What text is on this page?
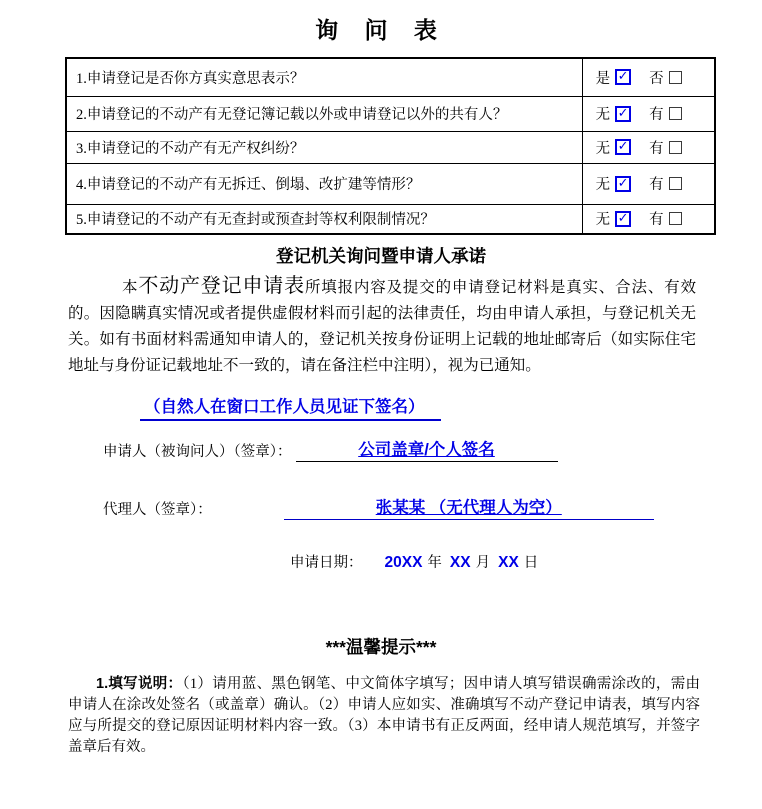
询 问 表
1.申请登记是否你方真实意思表示？	是 ✓ 否

2.申请登记的不动产有无登记簿记载以外或申请登记以外的共有人？	无 ✓ 有

3.申请登记的不动产有无产权纠纷？	无 ✓ 有

4.申请登记的不动产有无拆迁、倒塌、改扩建等情形？	无 ✓ 有

5.申请登记的不动产有无查封或预查封等权利限制情况？	无 ✓ 有
登记机关询问暨申请人承诺

本不动产登记申请表所填报内容及提交的申请登记材料是真实、合法、有效的。因隐瞒真实情况或者提供虚假材料而引起的法律责任，均由申请人承担，与登记机关无关。如有书面材料需通知申请人的，登记机关按身份证明上记载的地址邮寄后（如实际住宅地址与身份证记载地址不一致的，请在备注栏中注明），视为已通知。

（自然人在窗口工作人员见证下签名）
申请人（被询问人）（签章）：	公司盖章/个人签名
代理人（签章）：	张某某 （无代理人为空）
申请日期： 20XX 年 XX 月 XX 日
***温馨提示***

1.填写说明：（1）请用蓝、黑色钢笔、中文简体字填写；因申请人填写错误确需涂改的，需由申请人在涂改处签名（或盖章）确认。（2）申请人应如实、准确填写不动产登记申请表，填写内容应与所提交的登记原因证明材料内容一致。（3）本申请书有正反两面，经申请人规范填写，并签字盖章后有效。
